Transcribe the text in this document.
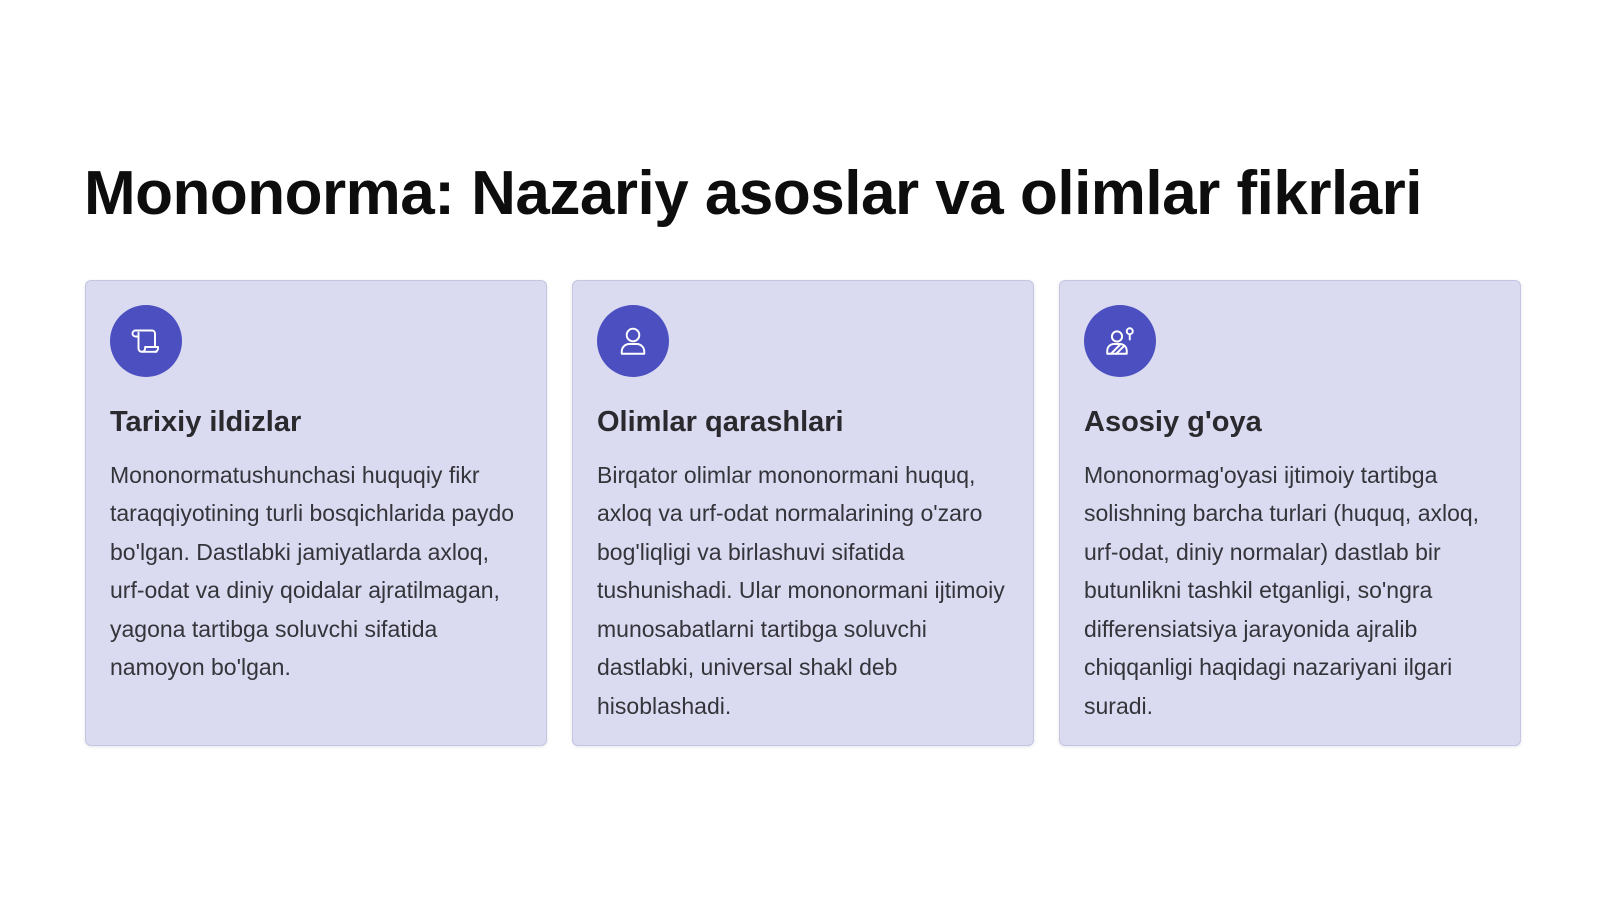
Mononorma: Nazariy asoslar va olimlar fikrlari
Tarixiy ildizlar

Mononormatushunchasi huquqiy fikr taraqqiyotining turli bosqichlarida paydo bo'lgan. Dastlabki jamiyatlarda axloq, urf-odat va diniy qoidalar ajratilmagan, yagona tartibga soluvchi sifatida namoyon bo'lgan.

Olimlar qarashlari

Birqator olimlar mononormani huquq, axloq va urf-odat normalarining o'zaro bog'liqligi va birlashuvi sifatida tushunishadi. Ular mononormani ijtimoiy munosabatlarni tartibga soluvchi dastlabki, universal shakl deb hisoblashadi.

Asosiy g'oya

Mononormag'oyasi ijtimoiy tartibga solishning barcha turlari (huquq, axloq, urf-odat, diniy normalar) dastlab bir butunlikni tashkil etganligi, so'ngra differensiatsiya jarayonida ajralib chiqqanligi haqidagi nazariyani ilgari suradi.
